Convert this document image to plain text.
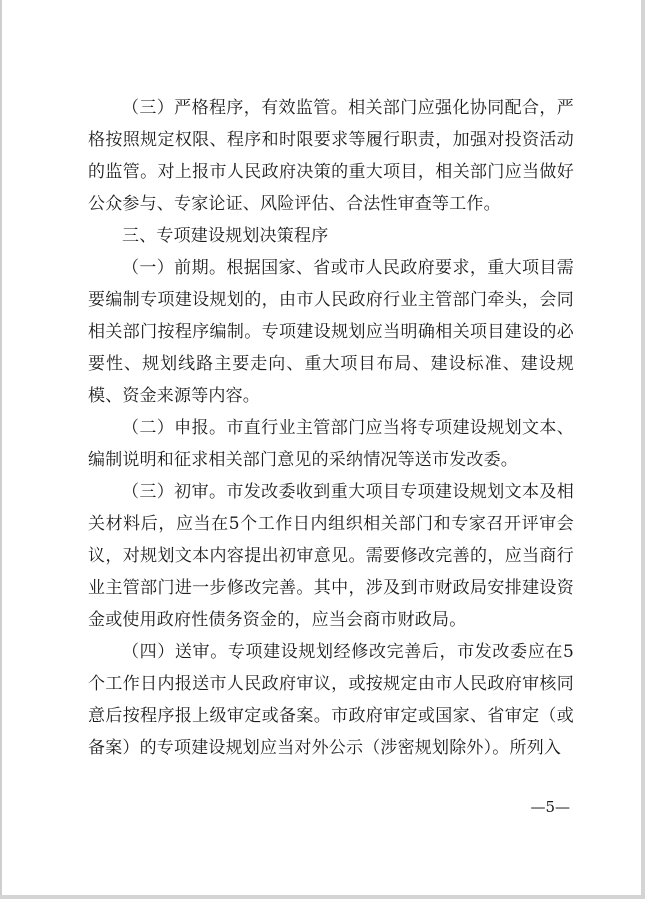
（三）严格程序，有效监管。相关部门应强化协同配合，严格按照规定权限、程序和时限要求等履行职责，加强对投资活动的监管。对上报市人民政府决策的重大项目，相关部门应当做好公众参与、专家论证、风险评估、合法性审查等工作。

三、专项建设规划决策程序

（一）前期。根据国家、省或市人民政府要求，重大项目需要编制专项建设规划的，由市人民政府行业主管部门牵头，会同相关部门按程序编制。专项建设规划应当明确相关项目建设的必要性、规划线路主要走向、重大项目布局、建设标准、建设规模、资金来源等内容。

（二）申报。市直行业主管部门应当将专项建设规划文本、编制说明和征求相关部门意见的采纳情况等送市发改委。

（三）初审。市发改委收到重大项目专项建设规划文本及相关材料后，应当在5个工作日内组织相关部门和专家召开评审会议，对规划文本内容提出初审意见。需要修改完善的，应当商行业主管部门进一步修改完善。其中，涉及到市财政局安排建设资金或使用政府性债务资金的，应当会商市财政局。

（四）送审。专项建设规划经修改完善后，市发改委应在5个工作日内报送市人民政府审议，或按规定由市人民政府审核同意后按程序报上级审定或备案。市政府审定或国家、省审定（或备案）的专项建设规划应当对外公示（涉密规划除外）。所列入

—5—
